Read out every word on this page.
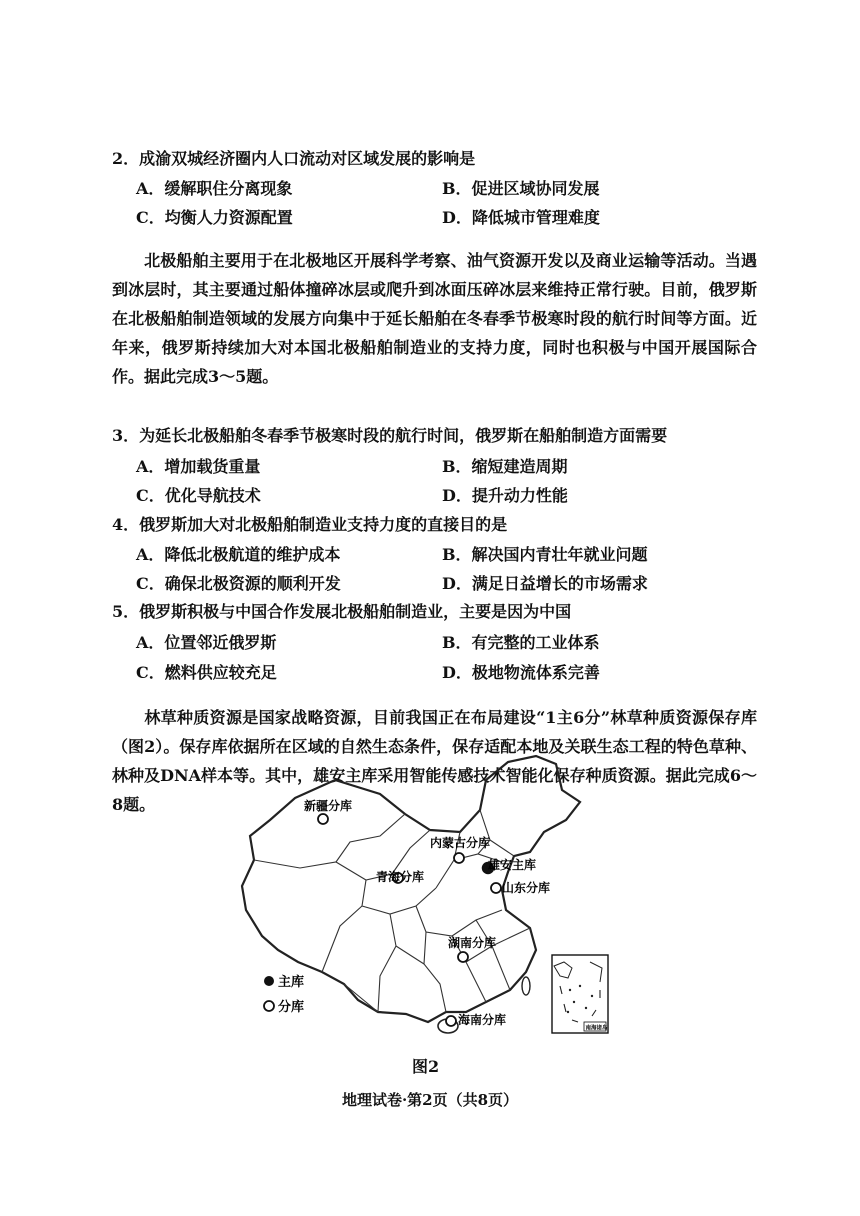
2．成渝双城经济圈内人口流动对区域发展的影响是
A．缓解职住分离现象	B．促进区域协同发展
C．均衡人力资源配置	D．降低城市管理难度
北极船舶主要用于在北极地区开展科学考察、油气资源开发以及商业运输等活动。当遇到冰层时，其主要通过船体撞碎冰层或爬升到冰面压碎冰层来维持正常行驶。目前，俄罗斯在北极船舶制造领域的发展方向集中于延长船舶在冬春季节极寒时段的航行时间等方面。近年来，俄罗斯持续加大对本国北极船舶制造业的支持力度，同时也积极与中国开展国际合作。据此完成3～5题。
3．为延长北极船舶冬春季节极寒时段的航行时间，俄罗斯在船舶制造方面需要
A．增加载货重量	B．缩短建造周期
C．优化导航技术	D．提升动力性能
4．俄罗斯加大对北极船舶制造业支持力度的直接目的是
A．降低北极航道的维护成本	B．解决国内青壮年就业问题
C．确保北极资源的顺利开发	D．满足日益增长的市场需求
5．俄罗斯积极与中国合作发展北极船舶制造业，主要是因为中国
A．位置邻近俄罗斯	B．有完整的工业体系
C．燃料供应较充足	D．极地物流体系完善
林草种质资源是国家战略资源，目前我国正在布局建设“1主6分”林草种质资源保存库（图2）。保存库依据所在区域的自然生态条件，保存适配本地及关联生态工程的特色草种、林种及DNA样本等。其中，雄安主库采用智能传感技术智能化保存种质资源。据此完成6～8题。	新疆分库
内蒙古分库
雄安主库
青海分库
山东分库
湖南分库
海南分库
主库
分库
南海诸岛
图2
地理试卷·第2页（共8页）
